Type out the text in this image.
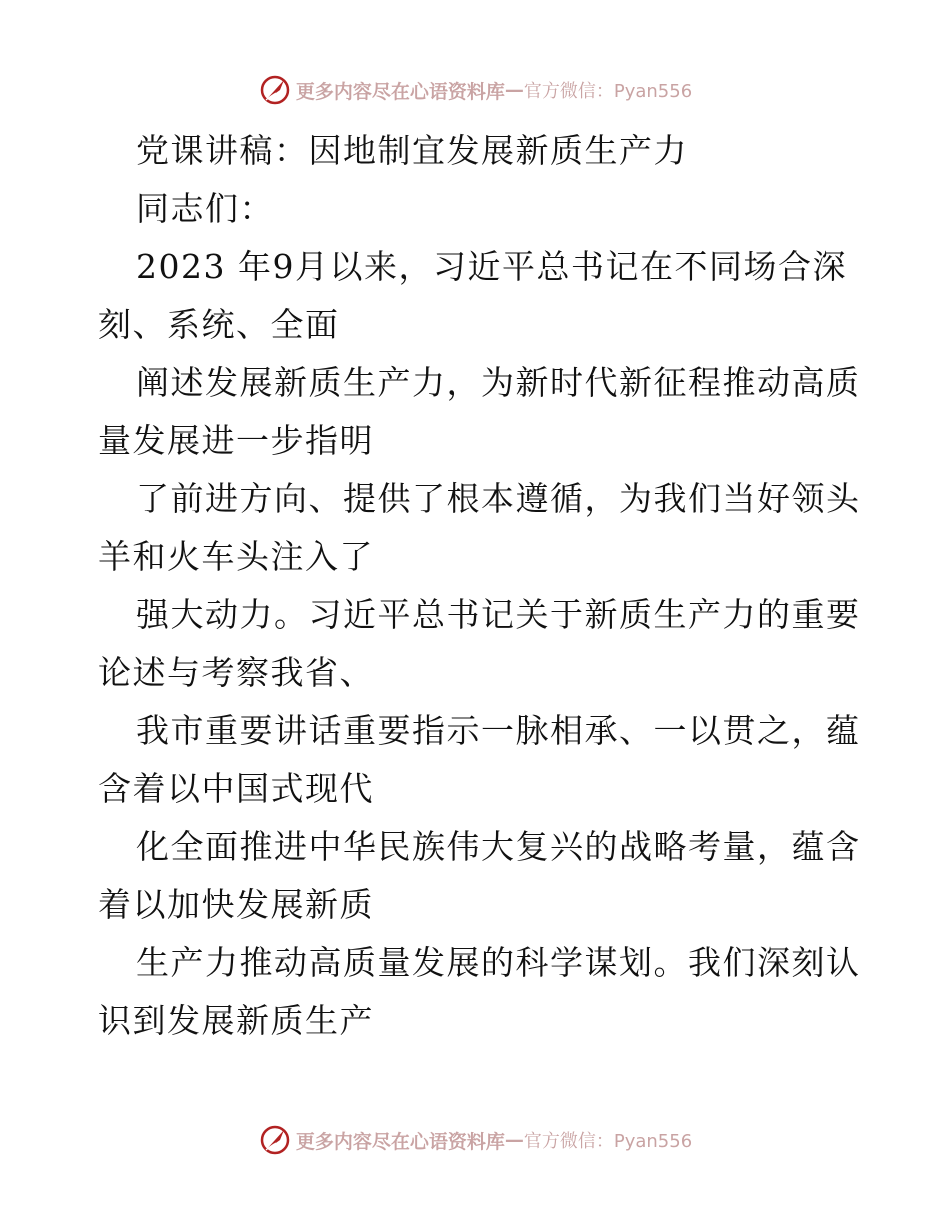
更多内容尽在心语资料库 — 官方微信：Pyan556
党课讲稿：因地制宜发展新质生产力
同志们：
2023 年9月以来，习近平总书记在不同场合深
刻、系统、全面
阐述发展新质生产力，为新时代新征程推动高质
量发展进一步指明
了前进方向、提供了根本遵循，为我们当好领头
羊和火车头注入了
强大动力。习近平总书记关于新质生产力的重要
论述与考察我省、
我市重要讲话重要指示一脉相承、一以贯之，蕴
含着以中国式现代
化全面推进中华民族伟大复兴的战略考量，蕴含
着以加快发展新质
生产力推动高质量发展的科学谋划。我们深刻认
识到发展新质生产
更多内容尽在心语资料库 — 官方微信：Pyan556
